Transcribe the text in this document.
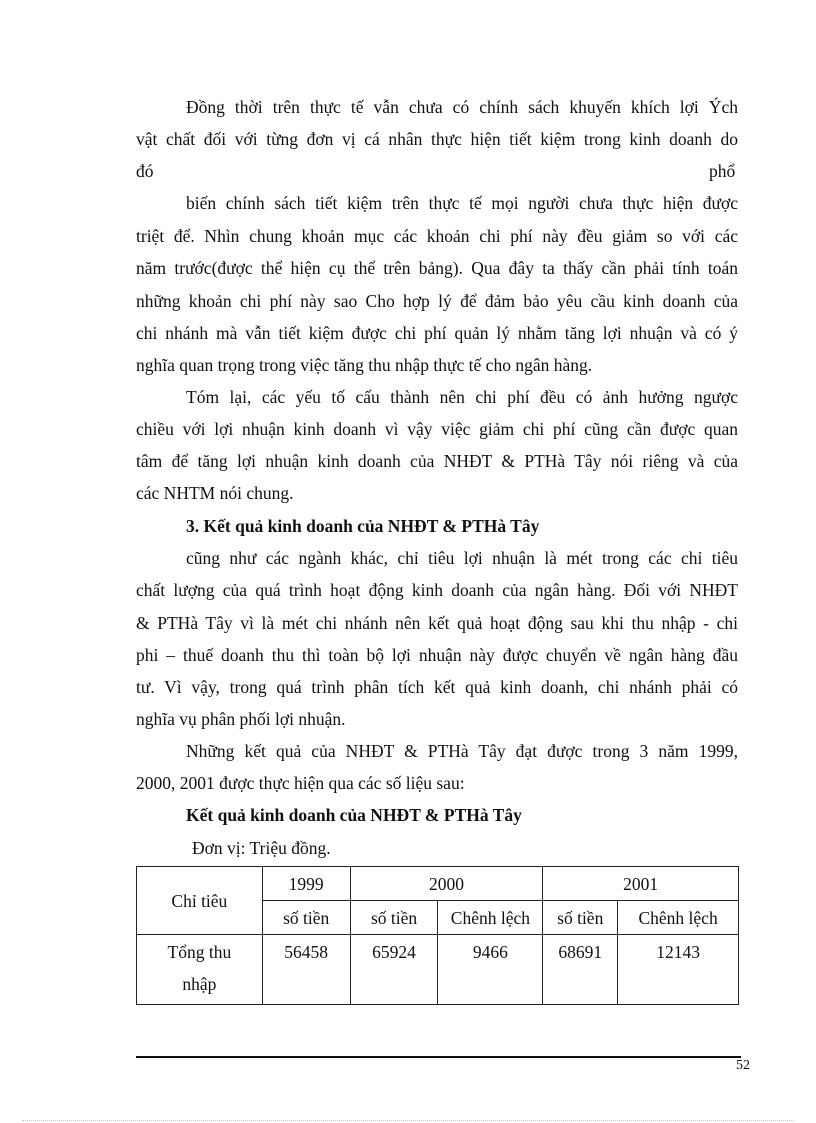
Đồng thời trên thực tế vẫn chưa có chính sách khuyến khích lợi Ých
vật chất đối với từng đơn vị cá nhân thực hiện tiết kiệm trong kinh doanh do
đó	phổ
biến chính sách tiết kiệm trên thực tế mọi người chưa thực hiện được
triệt để. Nhìn chung khoản mục các khoản chi phí này đều giảm so với các
năm trước(được thể hiện cụ thể trên bảng). Qua đây ta thấy cần phải tính toán
những khoản chi phí này sao Cho hợp lý để đảm bảo yêu cầu kinh doanh của
chi nhánh mà vẫn tiết kiệm được chi phí quản lý nhằm tăng lợi nhuận và có ý
nghĩa quan trọng trong việc tăng thu nhập thực tế cho ngân hàng.
Tóm lại, các yếu tố cấu thành nên chi phí đều có ảnh hưởng ngược
chiều với lợi nhuận kinh doanh vì vậy việc giảm chi phí cũng cần được quan
tâm để tăng lợi nhuận kinh doanh của NHĐT & PTHà Tây nói riêng và của
các NHTM nói chung.
3. Kết quả kinh doanh của NHĐT & PTHà Tây
cũng như các ngành khác, chỉ tiêu lợi nhuận là mét trong các chỉ tiêu
chất lượng của quá trình hoạt động kinh doanh của ngân hàng. Đối với NHĐT
& PTHà Tây vì là mét chi nhánh nên kết quả hoạt động sau khi thu nhập - chi
phi – thuế doanh thu thì toàn bộ lợi nhuận này được chuyển về ngân hàng đầu
tư. Vì vậy, trong quá trình phân tích kết quả kinh doanh, chi nhánh phải có
nghĩa vụ phân phối lợi nhuận.
Những kết quả của NHĐT & PTHà Tây đạt được trong 3 năm 1999,
2000, 2001 được thực hiện qua các số liệu sau:
Kết quả kinh doanh của NHĐT & PTHà Tây
Đơn vị: Triệu đồng.
Chỉ tiêu	1999	2000		2001	
	số tiền	số tiền	Chênh lệch	số tiền	Chênh lệch

Tổng thu
nhập	56458	65924	9466	68691	12143
52
